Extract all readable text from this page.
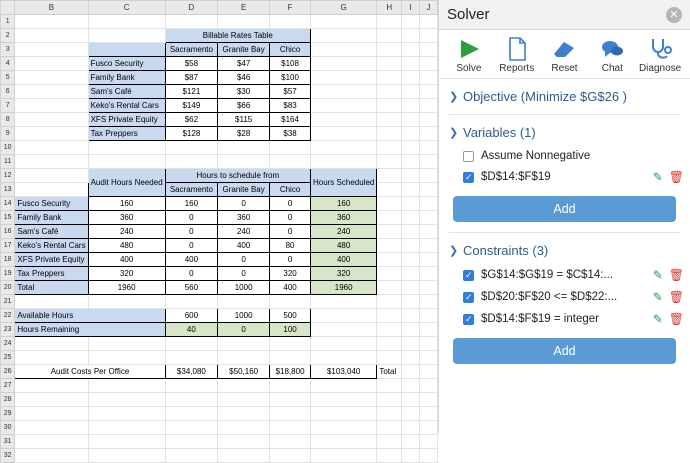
	B	C	D	E	F	G	H	I	J
1									
2			Billable Rates Table						
3			Sacramento	Granite Bay	Chico				
4		Fusco Security	$58	$47	$108				
5		Family Bank	$87	$46	$100				
6		Sam's Café	$121	$30	$57				
7		Keko's Rental Cars	$149	$66	$83				
8		XFS Private Equity	$62	$115	$164				
9		Tax Preppers	$128	$28	$38				
10									
11									
12		Audit Hours Needed	Hours to schedule from			Hours Scheduled			
13			Sacramento	Granite Bay	Chico				
14	Fusco Security	160	160	0	0	160			
15	Family Bank	360	0	360	0	360			
16	Sam's Café	240	0	240	0	240			
17	Keko's Rental Cars	480	0	400	80	480			
18	XFS Private Equity	400	400	0	0	400			
19	Tax Preppers	320	0	0	320	320			
20	Total	1960	560	1000	400	1960			
21									
22	Available Hours		600	1000	500				
23	Hours Remaining		40	0	100				
24									
25									
26	Audit Costs Per Office		$34,080	$50,160	$18,800	$103,040	Total		
27									
28									
29									
30									
31									
32									
Solver	✕
Solve Reports Reset Chat Diagnose
❯ Objective (Minimize $G$26 )
❯ Variables (1)
Assume Nonnegative
✓
$D$14:$F$19	✎ 🗑
Add
❯ Constraints (3)
✓
$G$14:$G$19 = $C$14:...	✎ 🗑
✓
$D$20:$F$20 <= $D$22:...	✎ 🗑
✓
$D$14:$F$19 = integer	✎ 🗑
Add
